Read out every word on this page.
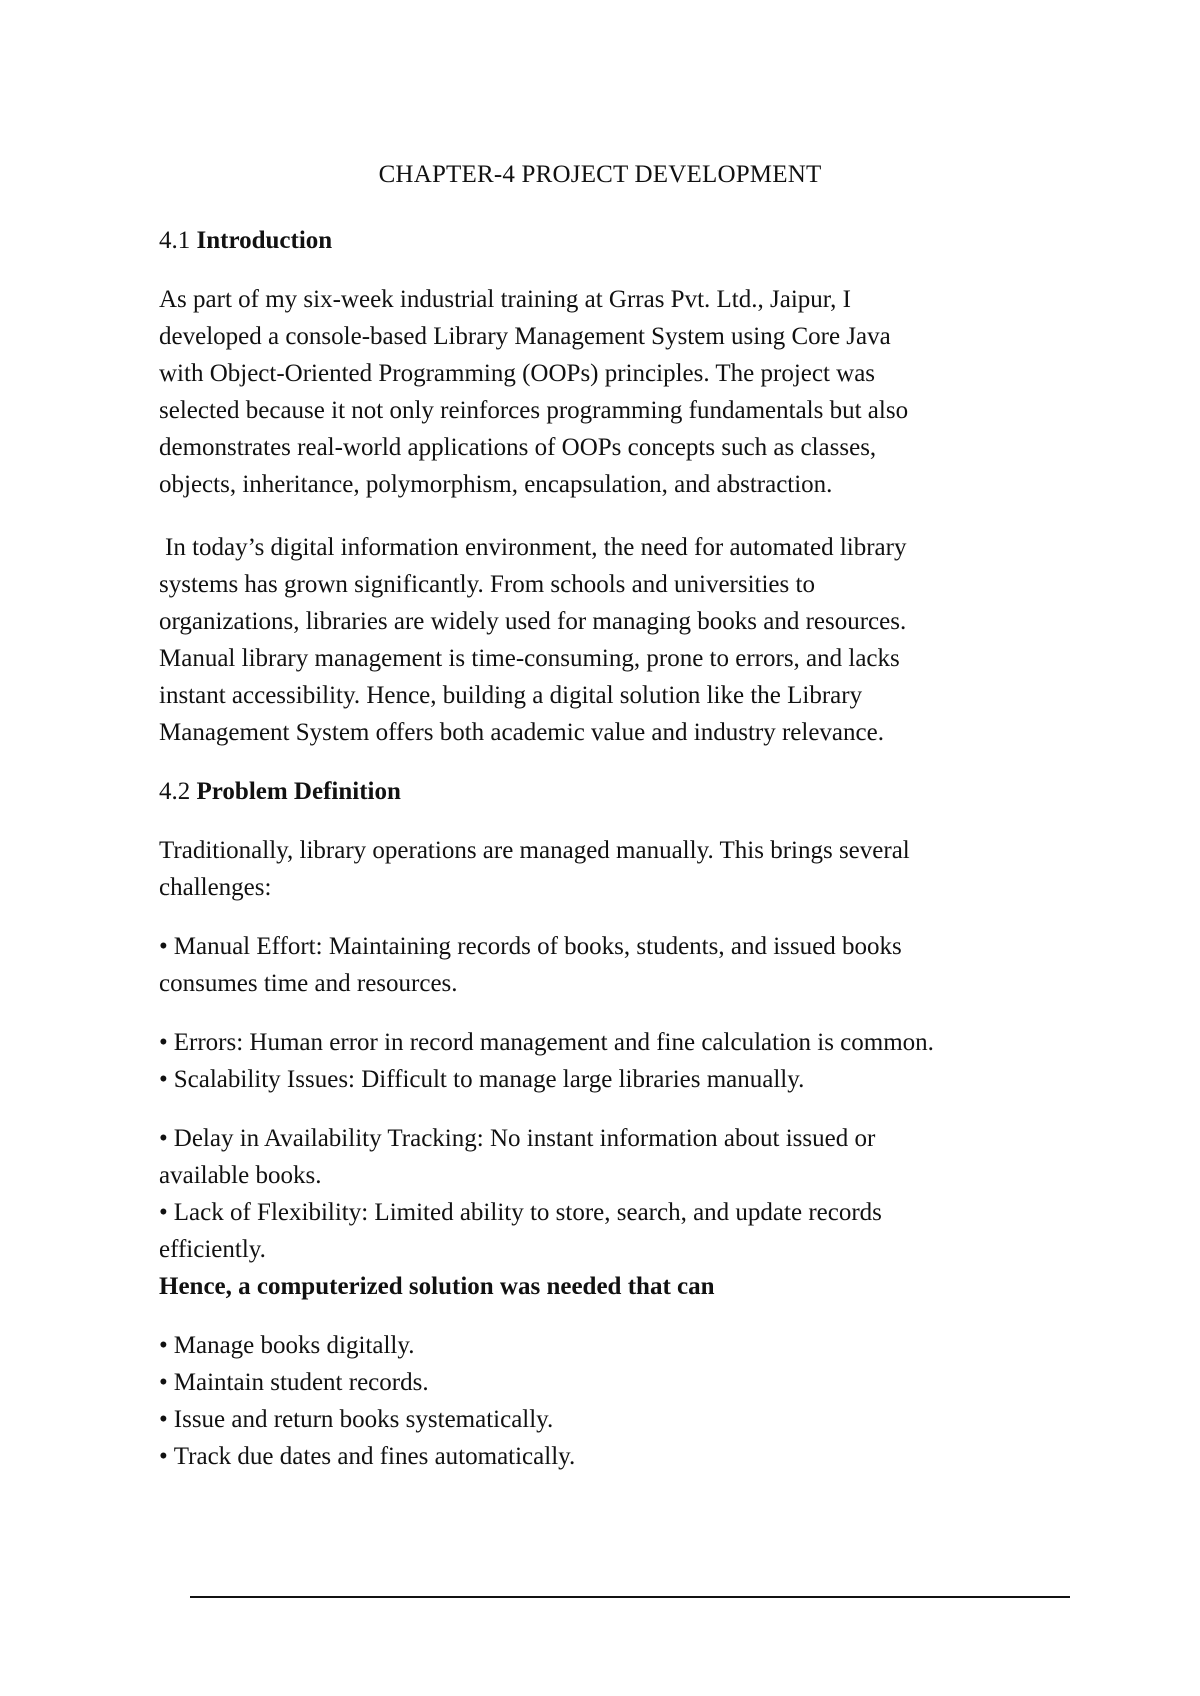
CHAPTER-4 PROJECT DEVELOPMENT
4.1 Introduction

As part of my six-week industrial training at Grras Pvt. Ltd., Jaipur, I
developed a console-based Library Management System using Core Java
with Object-Oriented Programming (OOPs) principles. The project was
selected because it not only reinforces programming fundamentals but also
demonstrates real-world applications of OOPs concepts such as classes,
objects, inheritance, polymorphism, encapsulation, and abstraction.

In today’s digital information environment, the need for automated library
systems has grown significantly. From schools and universities to
organizations, libraries are widely used for managing books and resources.
Manual library management is time-consuming, prone to errors, and lacks
instant accessibility. Hence, building a digital solution like the Library
Management System offers both academic value and industry relevance.

4.2 Problem Definition

Traditionally, library operations are managed manually. This brings several
challenges:

• Manual Effort: Maintaining records of books, students, and issued books
consumes time and resources.

• Errors: Human error in record management and fine calculation is common.

• Scalability Issues: Difficult to manage large libraries manually.

• Delay in Availability Tracking: No instant information about issued or
available books.

• Lack of Flexibility: Limited ability to store, search, and update records
efficiently.

Hence, a computerized solution was needed that can

• Manage books digitally.
• Maintain student records.
• Issue and return books systematically.
• Track due dates and fines automatically.
